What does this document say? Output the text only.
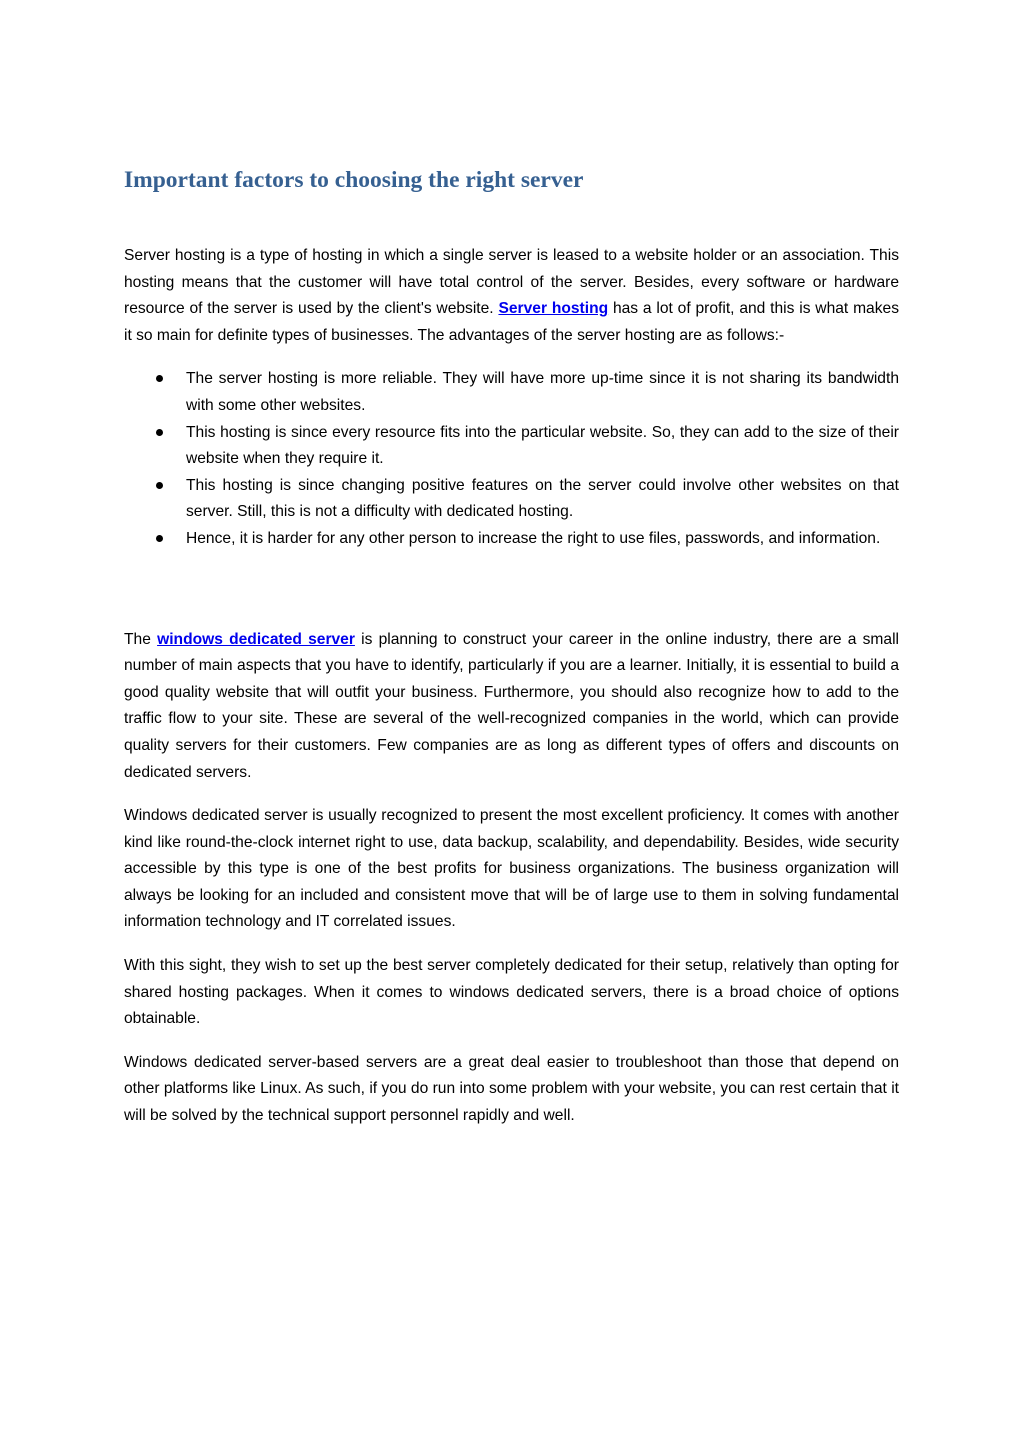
Important factors to choosing the right server

Server hosting is a type of hosting in which a single server is leased to a website holder or an association. This hosting means that the customer will have total control of the server. Besides, every software or hardware resource of the server is used by the client's website. Server hosting has a lot of profit, and this is what makes it so main for definite types of businesses. The advantages of the server hosting are as follows:-

The server hosting is more reliable. They will have more up-time since it is not sharing its bandwidth with some other websites.
This hosting is since every resource fits into the particular website. So, they can add to the size of their website when they require it.
This hosting is since changing positive features on the server could involve other websites on that server. Still, this is not a difficulty with dedicated hosting.
Hence, it is harder for any other person to increase the right to use files, passwords, and information.

The windows dedicated server is planning to construct your career in the online industry, there are a small number of main aspects that you have to identify, particularly if you are a learner. Initially, it is essential to build a good quality website that will outfit your business. Furthermore, you should also recognize how to add to the traffic flow to your site. These are several of the well-recognized companies in the world, which can provide quality servers for their customers. Few companies are as long as different types of offers and discounts on dedicated servers.

Windows dedicated server is usually recognized to present the most excellent proficiency. It comes with another kind like round-the-clock internet right to use, data backup, scalability, and dependability. Besides, wide security accessible by this type is one of the best profits for business organizations. The business organization will always be looking for an included and consistent move that will be of large use to them in solving fundamental information technology and IT correlated issues.

With this sight, they wish to set up the best server completely dedicated for their setup, relatively than opting for shared hosting packages. When it comes to windows dedicated servers, there is a broad choice of options obtainable.

Windows dedicated server-based servers are a great deal easier to troubleshoot than those that depend on other platforms like Linux. As such, if you do run into some problem with your website, you can rest certain that it will be solved by the technical support personnel rapidly and well.
